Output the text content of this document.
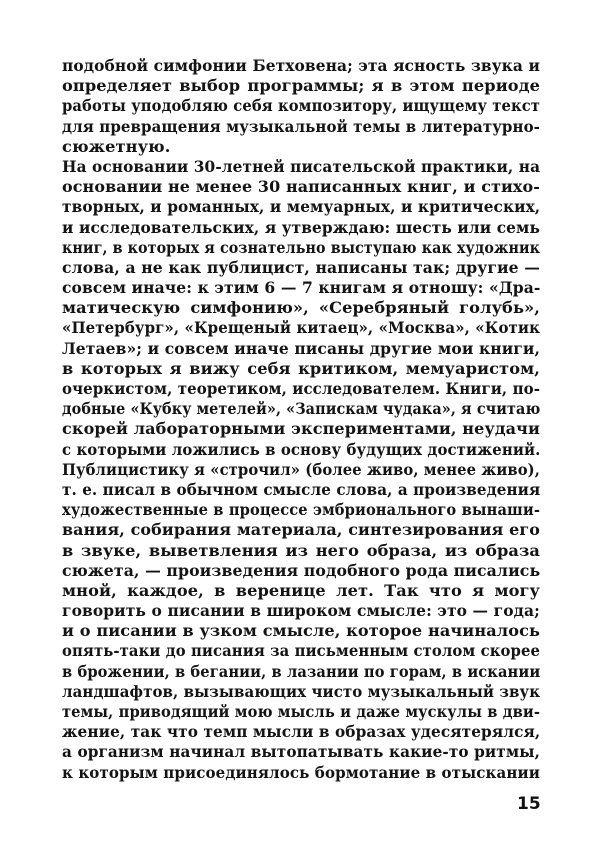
подобной симфонии Бетховена; эта ясность звука и
определяет выбор программы; я в этом периоде
работы уподобляю себя композитору, ищущему текст
для превращения музыкальной темы в литературно-
сюжетную.
На основании 30-летней писательской практики, на
основании не менее 30 написанных книг, и стихо-
творных, и романных, и мемуарных, и критических,
и исследовательских, я утверждаю: шесть или семь
книг, в которых я сознательно выступаю как художник
слова, а не как публицист, написаны так; другие —
совсем иначе: к этим 6 — 7 книгам я отношу: «Дра-
матическую симфонию», «Серебряный голубь»,
«Петербург», «Крещеный китаец», «Москва», «Котик
Летаев»; и совсем иначе писаны другие мои книги,
в которых я вижу себя критиком, мемуаристом,
очеркистом, теоретиком, исследователем. Книги, по-
добные «Кубку метелей», «Запискам чудака», я считаю
скорей лабораторными экспериментами, неудачи
с которыми ложились в основу будущих достижений.
Публицистику я «строчил» (более живо, менее живо),
т. е. писал в обычном смысле слова, а произведения
художественные в процессе эмбрионального вынаши-
вания, собирания материала, синтезирования его
в звуке, выветвления из него образа, из образа
сюжета, — произведения подобного рода писались
мной, каждое, в веренице лет. Так что я могу
говорить о писании в широком смысле: это — года;
и о писании в узком смысле, которое начиналось
опять-таки до писания за письменным столом скорее
в брожении, в бегании, в лазании по горам, в искании
ландшафтов, вызывающих чисто музыкальный звук
темы, приводящий мою мысль и даже мускулы в дви-
жение, так что темп мысли в образах удесятерялся,
а организм начинал вытопатывать какие-то ритмы,
к которым присоединялось бормотание в отыскании
15
